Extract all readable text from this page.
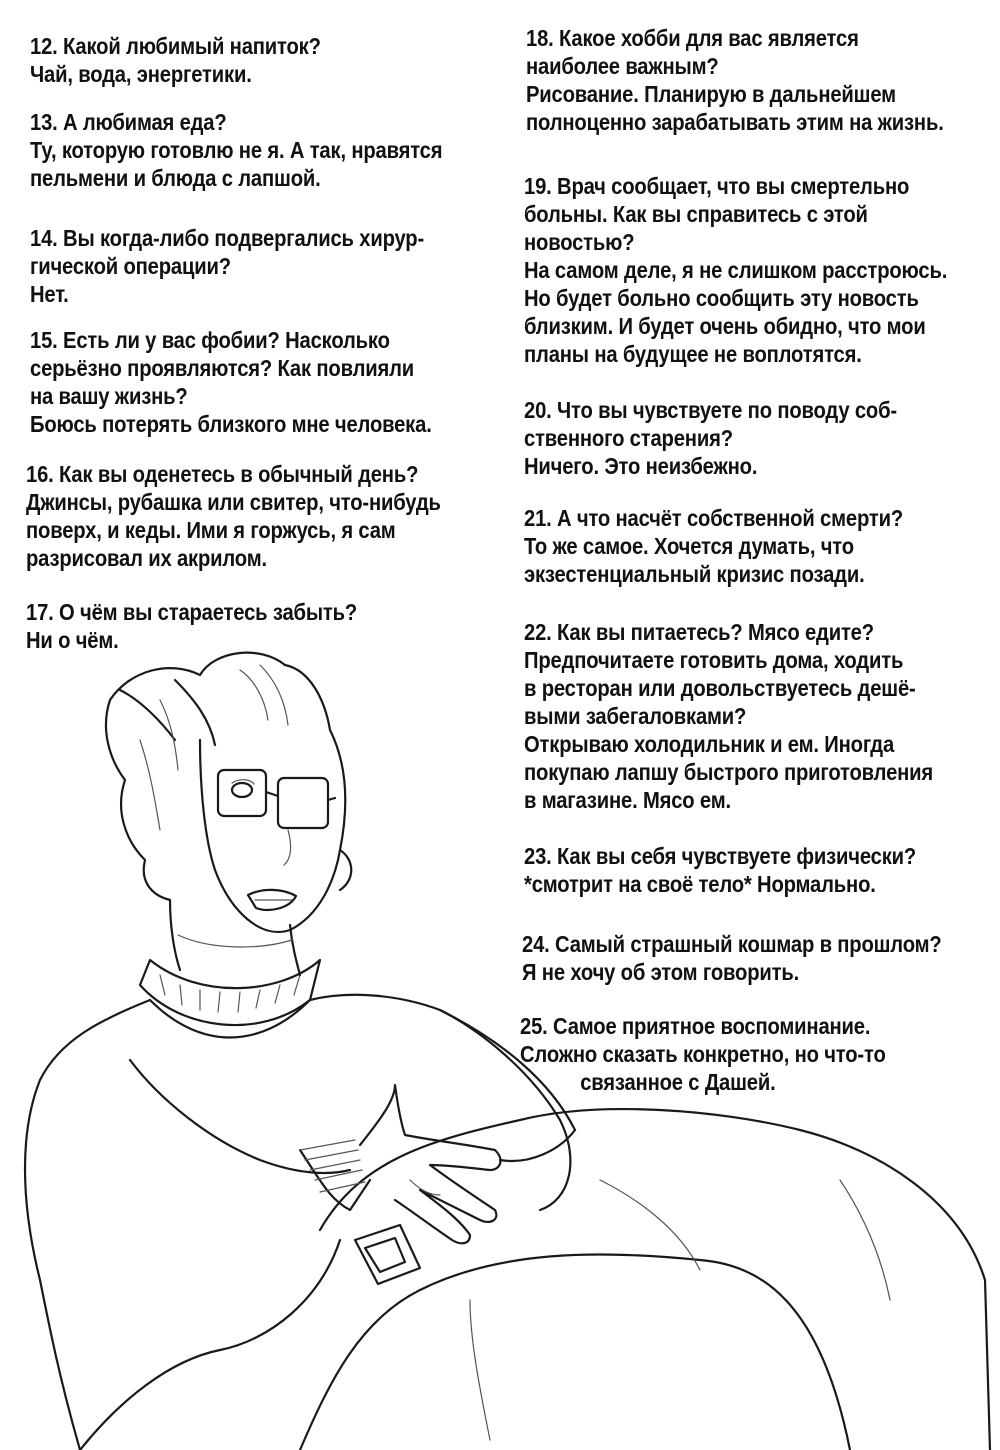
12. Какой любимый напиток?
Чай, вода, энергетики.
13. А любимая еда?
Ту, которую готовлю не я. А так, нравятся
пельмени и блюда с лапшой.
14. Вы когда-либо подвергались хирур-
гической операции?
Нет.
15. Есть ли у вас фобии? Насколько
серьёзно проявляются? Как повлияли
на вашу жизнь?
Боюсь потерять близкого мне человека.
16. Как вы оденетесь в обычный день?
Джинсы, рубашка или свитер, что-нибудь
поверх, и кеды. Ими я горжусь, я сам
разрисовал их акрилом.
17. О чём вы стараетесь забыть?
Ни о чём.
18. Какое хобби для вас является
наиболее важным?
Рисование. Планирую в дальнейшем
полноценно зарабатывать этим на жизнь.
19. Врач сообщает, что вы смертельно
больны. Как вы справитесь с этой
новостью?
На самом деле, я не слишком расстроюсь.
Но будет больно сообщить эту новость
близким. И будет очень обидно, что мои
планы на будущее не воплотятся.
20. Что вы чувствуете по поводу соб-
ственного старения?
Ничего. Это неизбежно.
21. А что насчёт собственной смерти?
То же самое. Хочется думать, что
экзестенциальный кризис позади.
22. Как вы питаетесь? Мясо едите?
Предпочитаете готовить дома, ходить
в ресторан или довольствуетесь дешё-
выми забегаловками?
Открываю холодильник и ем. Иногда
покупаю лапшу быстрого приготовления
в магазине. Мясо ем.
23. Как вы себя чувствуете физически?
*смотрит на своё тело* Нормально.
24. Самый страшный кошмар в прошлом?
Я не хочу об этом говорить.
25. Самое приятное воспоминание.
Сложно сказать конкретно, но что-то
связанное с Дашей.
